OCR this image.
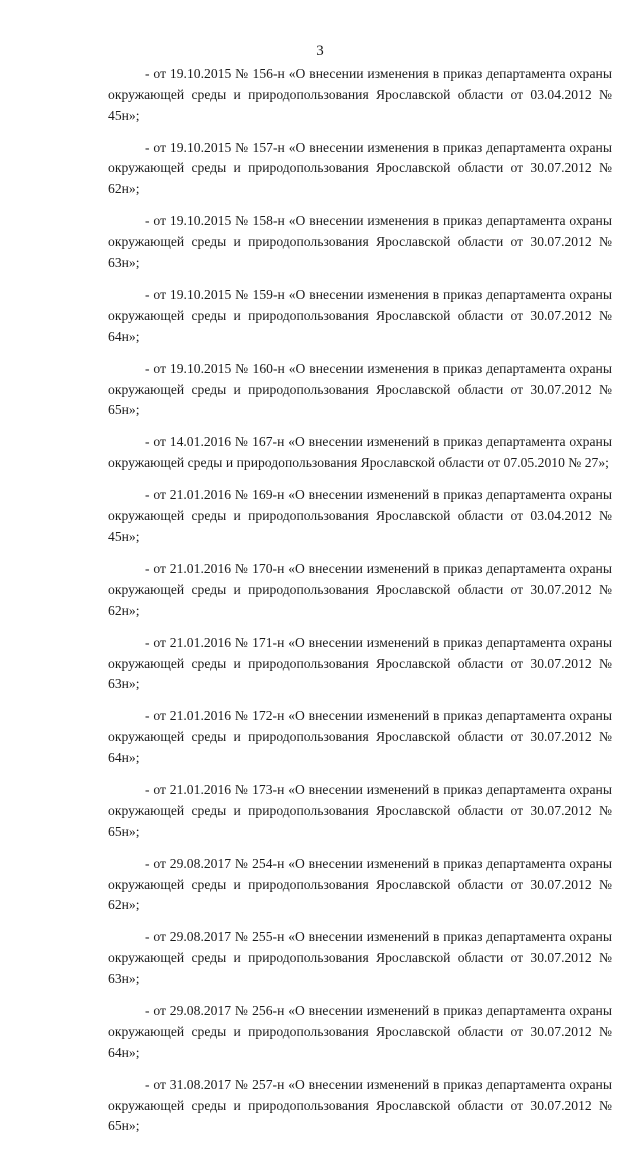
3

- от 19.10.2015 № 156-н «О внесении изменения в приказ департамента охраны окружающей среды и природопользования Ярославской области от 03.04.2012 № 45н»;

- от 19.10.2015 № 157-н «О внесении изменения в приказ департамента охраны окружающей среды и природопользования Ярославской области от 30.07.2012 № 62н»;

- от 19.10.2015 № 158-н «О внесении изменения в приказ департамента охраны окружающей среды и природопользования Ярославской области от 30.07.2012 № 63н»;

- от 19.10.2015 № 159-н «О внесении изменения в приказ департамента охраны окружающей среды и природопользования Ярославской области от 30.07.2012 № 64н»;

- от 19.10.2015 № 160-н «О внесении изменения в приказ департамента охраны окружающей среды и природопользования Ярославской области от 30.07.2012 № 65н»;

- от 14.01.2016 № 167-н «О внесении изменений в приказ департамента охраны окружающей среды и природопользования Ярославской области от 07.05.2010 № 27»;

- от 21.01.2016 № 169-н «О внесении изменений в приказ департамента охраны окружающей среды и природопользования Ярославской области от 03.04.2012 № 45н»;

- от 21.01.2016 № 170-н «О внесении изменений в приказ департамента охраны окружающей среды и природопользования Ярославской области от 30.07.2012 № 62н»;

- от 21.01.2016 № 171-н «О внесении изменений в приказ департамента охраны окружающей среды и природопользования Ярославской области от 30.07.2012 № 63н»;

- от 21.01.2016 № 172-н «О внесении изменений в приказ департамента охраны окружающей среды и природопользования Ярославской области от 30.07.2012 № 64н»;

- от 21.01.2016 № 173-н «О внесении изменений в приказ департамента охраны окружающей среды и природопользования Ярославской области от 30.07.2012 № 65н»;

- от 29.08.2017 № 254-н «О внесении изменений в приказ департамента охраны окружающей среды и природопользования Ярославской области от 30.07.2012 № 62н»;

- от 29.08.2017 № 255-н «О внесении изменений в приказ департамента охраны окружающей среды и природопользования Ярославской области от 30.07.2012 № 63н»;

- от 29.08.2017 № 256-н «О внесении изменений в приказ департамента охраны окружающей среды и природопользования Ярославской области от 30.07.2012 № 64н»;

- от 31.08.2017 № 257-н «О внесении изменений в приказ департамента охраны окружающей среды и природопользования Ярославской области от 30.07.2012 № 65н»;
